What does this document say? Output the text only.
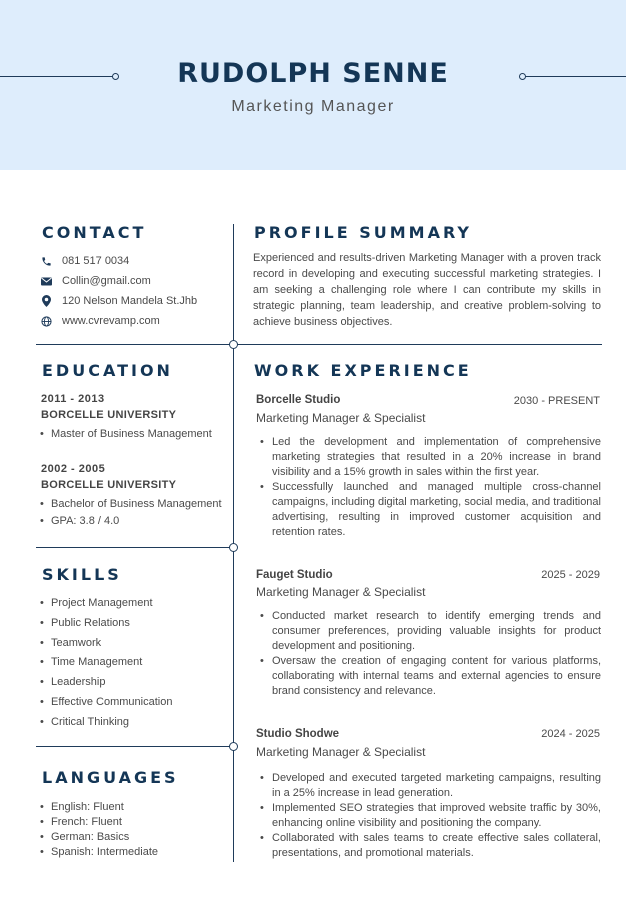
RUDOLPH SENNE
Marketing Manager
CONTACT
081 517 0034
Collin@gmail.com
120 Nelson Mandela St.Jhb
www.cvrevamp.com
EDUCATION
2011 - 2013
BORCELLE UNIVERSITY
• Master of Business Management
2002 - 2005
BORCELLE UNIVERSITY
• Bachelor of Business Management
• GPA: 3.8 / 4.0
SKILLS
• Project Management
• Public Relations
• Teamwork
• Time Management
• Leadership
• Effective Communication
• Critical Thinking
LANGUAGES
• English: Fluent
• French: Fluent
• German: Basics
• Spanish: Intermediate
PROFILE SUMMARY
Experienced and results-driven Marketing Manager with a proven track record in developing and executing successful marketing strategies. I am seeking a challenging role where I can contribute my skills in strategic planning, team leadership, and creative problem-solving to achieve business objectives.
WORK EXPERIENCE
Borcelle Studio	2030 - PRESENT
Marketing Manager & Specialist
• Led the development and implementation of comprehensive marketing strategies that resulted in a 20% increase in brand visibility and a 15% growth in sales within the first year.
• Successfully launched and managed multiple cross-channel campaigns, including digital marketing, social media, and traditional advertising, resulting in improved customer acquisition and retention rates.
Fauget Studio	2025 - 2029
Marketing Manager & Specialist
• Conducted market research to identify emerging trends and consumer preferences, providing valuable insights for product development and positioning.
• Oversaw the creation of engaging content for various platforms, collaborating with internal teams and external agencies to ensure brand consistency and relevance.
Studio Shodwe	2024 - 2025
Marketing Manager & Specialist
• Developed and executed targeted marketing campaigns, resulting in a 25% increase in lead generation.
• Implemented SEO strategies that improved website traffic by 30%, enhancing online visibility and positioning the company.
• Collaborated with sales teams to create effective sales collateral, presentations, and promotional materials.
